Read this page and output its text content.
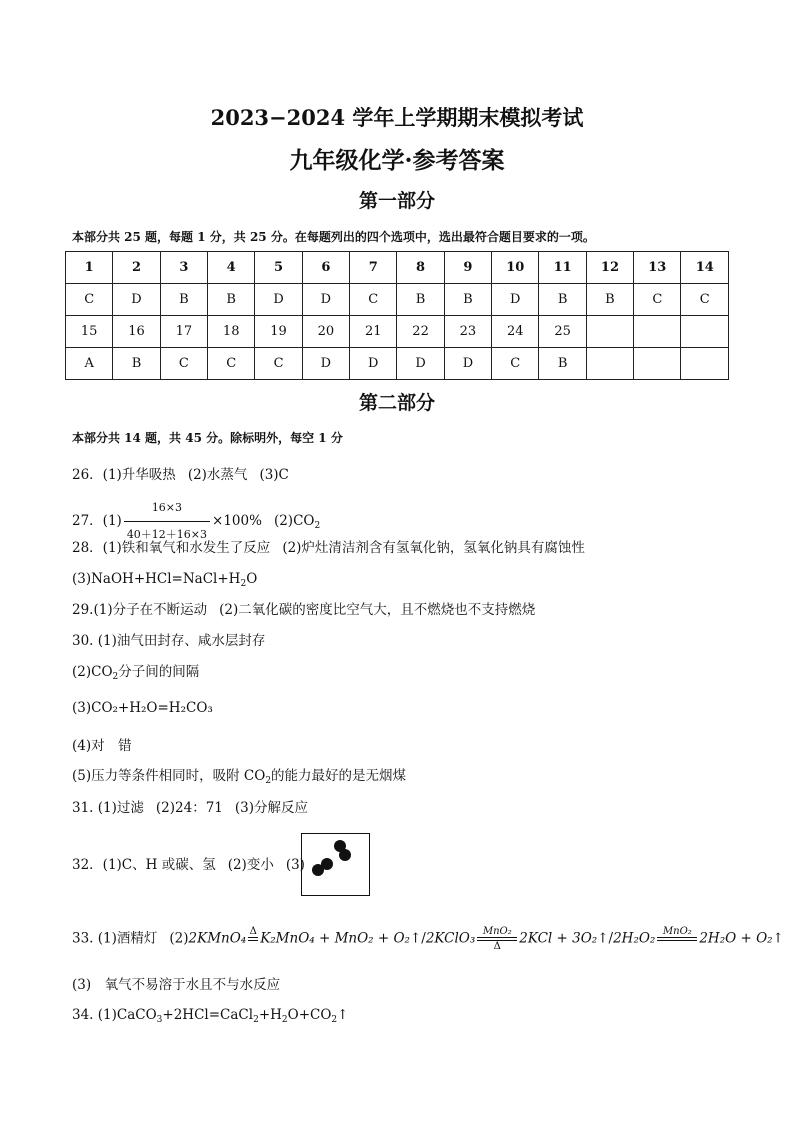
2023−2024 学年上学期期末模拟考试
九年级化学·参考答案
第一部分
本部分共 25 题，每题 1 分，共 25 分。在每题列出的四个选项中，选出最符合题目要求的一项。
1	2	3	4	5	6	7	8	9	10	11	12	13	14
C	D	B	B	D	D	C	B	B	D	B	B	C	C
15	16	17	18	19	20	21	22	23	24	25			
A	B	C	C	C	D	D	D	D	C	B			
第二部分
本部分共 14 题，共 45 分。除标明外，每空 1 分
26．(1)升华吸热 (2)水蒸气 (3)C
27．$(1) \frac{16\times 3}{40+12+16\times 3} \times 100\%$ $(2)CO_2$
28．(1)铁和氧气和水发生了反应 (2)炉灶清洁剂含有氢氧化钠，氢氧化钠具有腐蚀性
$(3)NaOH+HCl=NaCl+H_2O$
29.(1)分子在不断运动 (2)二氧化碳的密度比空气大，且不燃烧也不支持燃烧
30. (1)油气田封存、咸水层封存
$(2)CO_2$分子间的间隔
(3)CO₂+H₂O=H₂CO₃
(4)对　错
(5)压力等条件相同时，吸附 $CO_2$的能力最好的是无烟煤
31. (1)过滤 (2)24：71 (3)分解反应
32．(1)C、H 或碳、氢 (2)变小 (3)
33. (1)酒精灯 (2)2KMnO₄ Δ K₂MnO₄ + MnO₂ + O₂↑/2KClO₃ MnO₂
Δ	2KCl + 3O₂↑/2H₂O₂ MnO₂ 2H₂O + O₂↑
(3)　氧气不易溶于水且不与水反应
34. $(1)CaCO_3+2HCl=CaCl_2+H_2O+CO_2↑$
